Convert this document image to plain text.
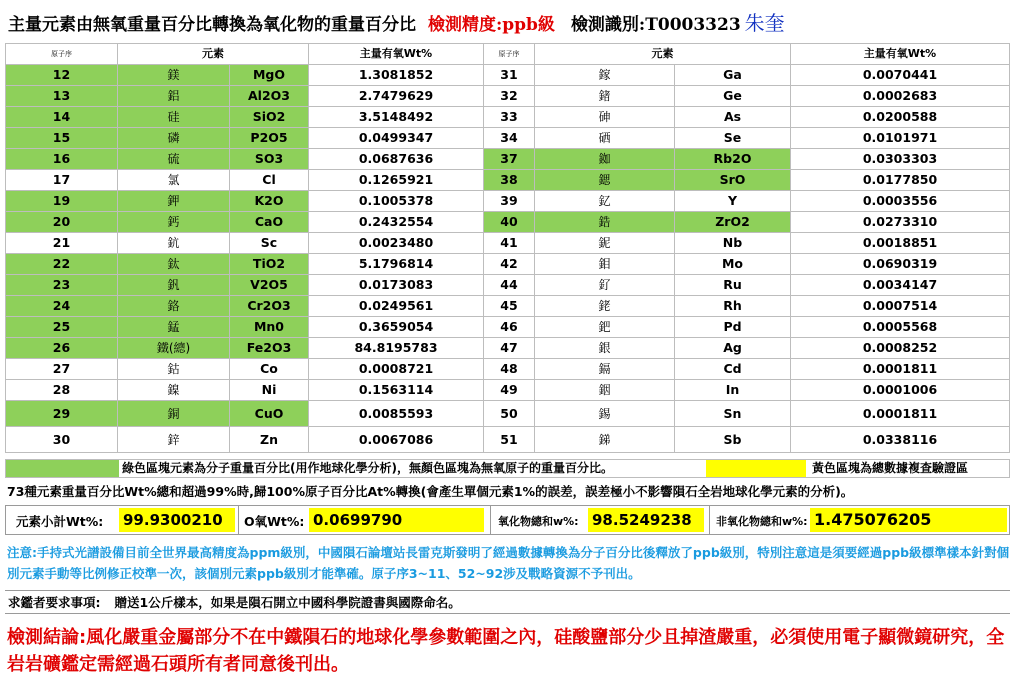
主量元素由無氧重量百分比轉換為氧化物的重量百分比 檢測精度:ppb級 檢測識別:T0003323 朱奎
原子序	元素		主量有氧Wt%	原子序	元素		主量有氧Wt%
12	鎂	MgO	1.3081852	31	鎵	Ga	0.0070441
13	鋁	Al2O3	2.7479629	32	鍺	Ge	0.0002683
14	硅	SiO2	3.5148492	33	砷	As	0.0200588
15	磷	P2O5	0.0499347	34	硒	Se	0.0101971
16	硫	SO3	0.0687636	37	銣	Rb2O	0.0303303
17	氯	Cl	0.1265921	38	鍶	SrO	0.0177850
19	鉀	K2O	0.1005378	39	釔	Y	0.0003556
20	鈣	CaO	0.2432554	40	鋯	ZrO2	0.0273310
21	鈧	Sc	0.0023480	41	鈮	Nb	0.0018851
22	鈦	TiO2	5.1796814	42	鉬	Mo	0.0690319
23	釩	V2O5	0.0173083	44	釕	Ru	0.0034147
24	鉻	Cr2O3	0.0249561	45	銠	Rh	0.0007514
25	錳	Mn0	0.3659054	46	鈀	Pd	0.0005568
26	鐵(總)	Fe2O3	84.8195783	47	銀	Ag	0.0008252
27	鈷	Co	0.0008721	48	鎘	Cd	0.0001811
28	鎳	Ni	0.1563114	49	銦	In	0.0001006
29	銅	CuO	0.0085593	50	錫	Sn	0.0001811
30	鋅	Zn	0.0067086	51	銻	Sb	0.0338116
綠色區塊元素為分子重量百分比(用作地球化學分析)，無顏色區塊為無氧原子的重量百分比。	黃色區塊為總數據複查驗證區
73種元素重量百分比Wt%總和超過99%時,歸100%原子百分比At%轉換(會產生單個元素1%的誤差，誤差極小不影響隕石全岩地球化學元素的分析)。
元素小計Wt%: 99.9300210	O氧Wt%: 0.0699790	氧化物總和w%: 98.5249238	非氧化物總和w%: 1.475076205
注意:手持式光譜設備目前全世界最高精度為ppm級別，中國隕石論壇站長雷克斯發明了經過數據轉換為分子百分比後釋放了ppb級別，特別注意這是須要經過ppb級標準樣本針對個別元素手動等比例修正校準一次，該個別元素ppb級別才能準確。原子序3~11、52~92涉及戰略資源不予刊出。
求鑑者要求事項: 贈送1公斤樣本，如果是隕石開立中國科學院證書與國際命名。
檢測結論:風化嚴重金屬部分不在中鐵隕石的地球化學參數範圍之內，硅酸鹽部分少且掉渣嚴重，必須使用電子顯微鏡研究，全岩岩礦鑑定需經過石頭所有者同意後刊出。
